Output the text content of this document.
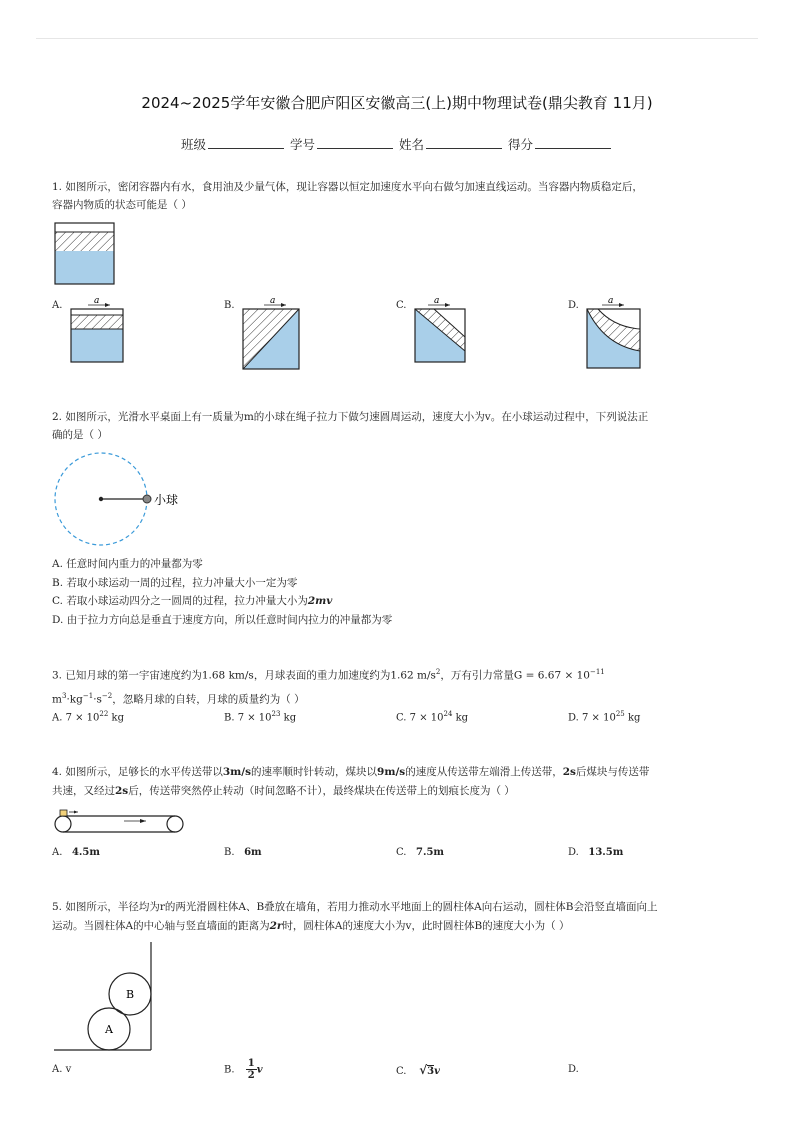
2024~2025学年安徽合肥庐阳区安徽高三(上)期中物理试卷(鼎尖教育 11月)
班级	学号	姓名	得分
1. 如图所示，密闭容器内有水，食用油及少量气体，现让容器以恒定加速度水平向右做匀加速直线运动。当容器内物质稳定后，
容器内物质的状态可能是（ ）
A.	a	B.	a	C.	a	D.	a
2. 如图所示，光滑水平桌面上有一质量为m的小球在绳子拉力下做匀速圆周运动，速度大小为v。在小球运动过程中，下列说法正
确的是（ ）
小球
A. 任意时间内重力的冲量都为零
B. 若取小球运动一周的过程，拉力冲量大小一定为零
C. 若取小球运动四分之一圆周的过程，拉力冲量大小为2mv
D. 由于拉力方向总是垂直于速度方向，所以任意时间内拉力的冲量都为零
3. 已知月球的第一宇宙速度约为1.68 km/s，月球表面的重力加速度约为1.62 $m/s^2$，万有引力常量$G = 6.67 \times 10^{-11}$
$m^3\cdot kg^{-1}\cdot s^{-2}$，忽略月球的自转，月球的质量约为（ ）
A. $7 \times 10^{22}$ kg	B. $7 \times 10^{23}$ kg	C. $7 \times 10^{24}$ kg	D. $7 \times 10^{25}$ kg
4. 如图所示，足够长的水平传送带以3m/s的速率顺时针转动，煤块以9m/s的速度从传送带左端滑上传送带，2s后煤块与传送带
共速，又经过2s后，传送带突然停止转动（时间忽略不计），最终煤块在传送带上的划痕长度为（ ）
A. 4.5m	B. 6m	C. 7.5m	D. 13.5m
5. 如图所示，半径均为r的两光滑圆柱体A、B叠放在墙角，若用力推动水平地面上的圆柱体A向右运动，圆柱体B会沿竖直墙面向上
运动。当圆柱体A的中心轴与竖直墙面的距离为2r时，圆柱体A的速度大小为v，此时圆柱体B的速度大小为（ ）
A
B
A. v	B. $\frac{1}{2}$ v	C. √3v	D.
